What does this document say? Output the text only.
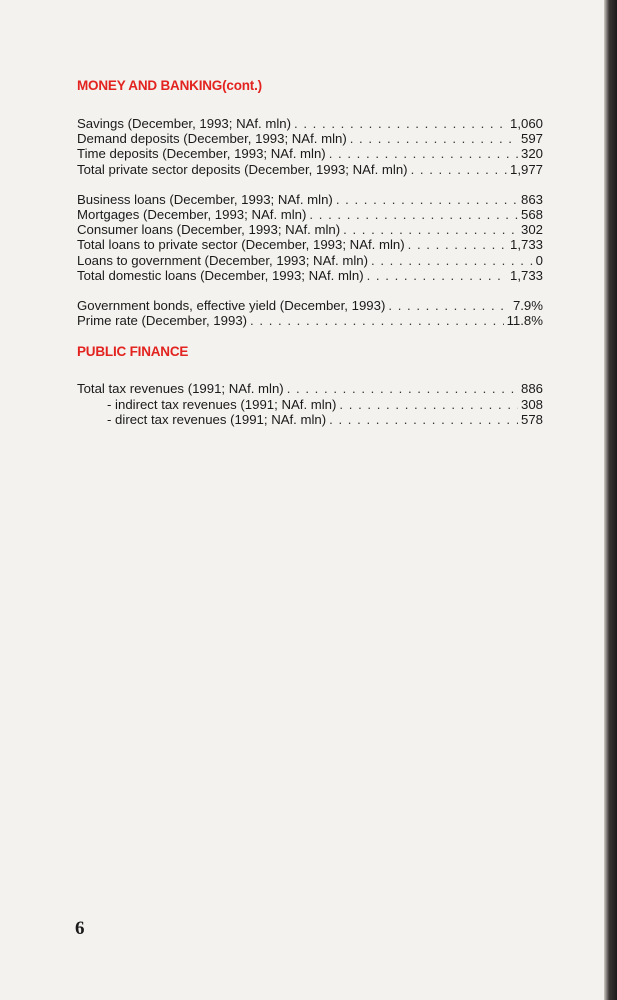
MONEY AND BANKING(cont.)
Savings (December, 1993; NAf. mln) . . .	1,060
Demand deposits (December, 1993; NAf. mln) . . .	597
Time deposits (December, 1993; NAf. mln) . . .	320
Total private sector deposits (December, 1993; NAf. mln) . . .	1,977
Business loans (December, 1993; NAf. mln) . . .	863
Mortgages (December, 1993; NAf. mln) . . .	568
Consumer loans (December, 1993; NAf. mln) . . .	302
Total loans to private sector (December, 1993; NAf. mln) . . .	1,733
Loans to government (December, 1993; NAf. mln) . . .	0
Total domestic loans (December, 1993; NAf. mln) . . .	1,733
Government bonds, effective yield (December, 1993) . . .	7.9%
Prime rate (December, 1993) . . .	11.8%
PUBLIC FINANCE
Total tax revenues (1991; NAf. mln) . . .	886
- indirect tax revenues (1991; NAf. mln) . . .	308
- direct tax revenues (1991; NAf. mln) . . .	578
6
